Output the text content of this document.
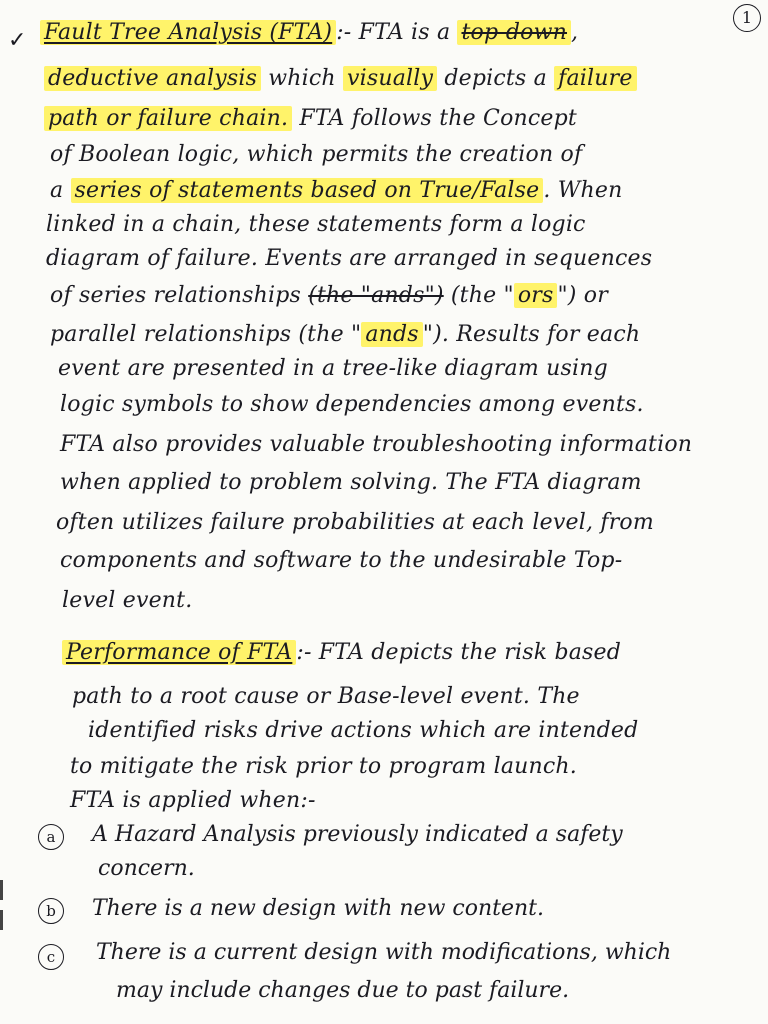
✓
1
Fault Tree Analysis (FTA) :- FTA is a top-down ,
deductive analysis which visually depicts a failure
path or failure chain. FTA follows the Concept
of Boolean logic, which permits the creation of
a series of statements based on True/False . When
linked in a chain, these statements form a logic
diagram of failure. Events are arranged in sequences
of series relationships (the "ands") (the " ors ") or
parallel relationships (the " ands "). Results for each
event are presented in a tree-like diagram using
logic symbols to show dependencies among events.
FTA also provides valuable troubleshooting information
when applied to problem solving. The FTA diagram
often utilizes failure probabilities at each level, from
components and software to the undesirable Top-
level event.
Performance of FTA :- FTA depicts the risk based
path to a root cause or Base-level event. The
identified risks drive actions which are intended
to mitigate the risk prior to program launch.
FTA is applied when:-
a	A Hazard Analysis previously indicated a safety
concern.
b	There is a new design with new content.
c	There is a current design with modifications, which
may include changes due to past failure.
